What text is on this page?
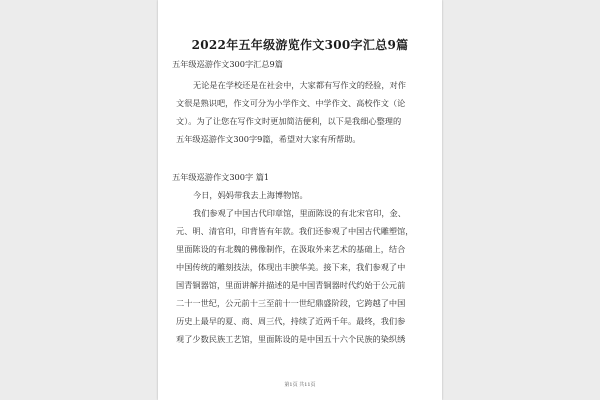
2022年五年级游览作文300字汇总9篇
五年级巡游作文300字汇总9篇
无论是在学校还是在社会中，大家都有写作文的经验，对作
文很是熟识吧，作文可分为小学作文、中学作文、高校作文（论
文）。为了让您在写作文时更加简洁便利，以下是我细心整理的
五年级巡游作文300字9篇，希望对大家有所帮助。
五年级巡游作文300字 篇1
今日，妈妈带我去上海博物馆。
我们参观了中国古代印章馆，里面陈设的有北宋官印，金、
元、明、清官印，印背皆有年款。我们还参观了中国古代雕塑馆，
里面陈设的有北魏的佛像制作，在汲取外来艺术的基础上，结合
中国传统的雕刻技法，体现出丰腴华美。接下来，我们参观了中
国青铜器馆，里面讲解并描述的是中国青铜器时代约始于公元前
二十一世纪，公元前十三至前十一世纪鼎盛阶段，它跨越了中国
历史上最早的夏、商、周三代，持续了近两千年。最终，我们参
观了少数民族工艺馆，里面陈设的是中国五十六个民族的染织绣
第1页 共11页
